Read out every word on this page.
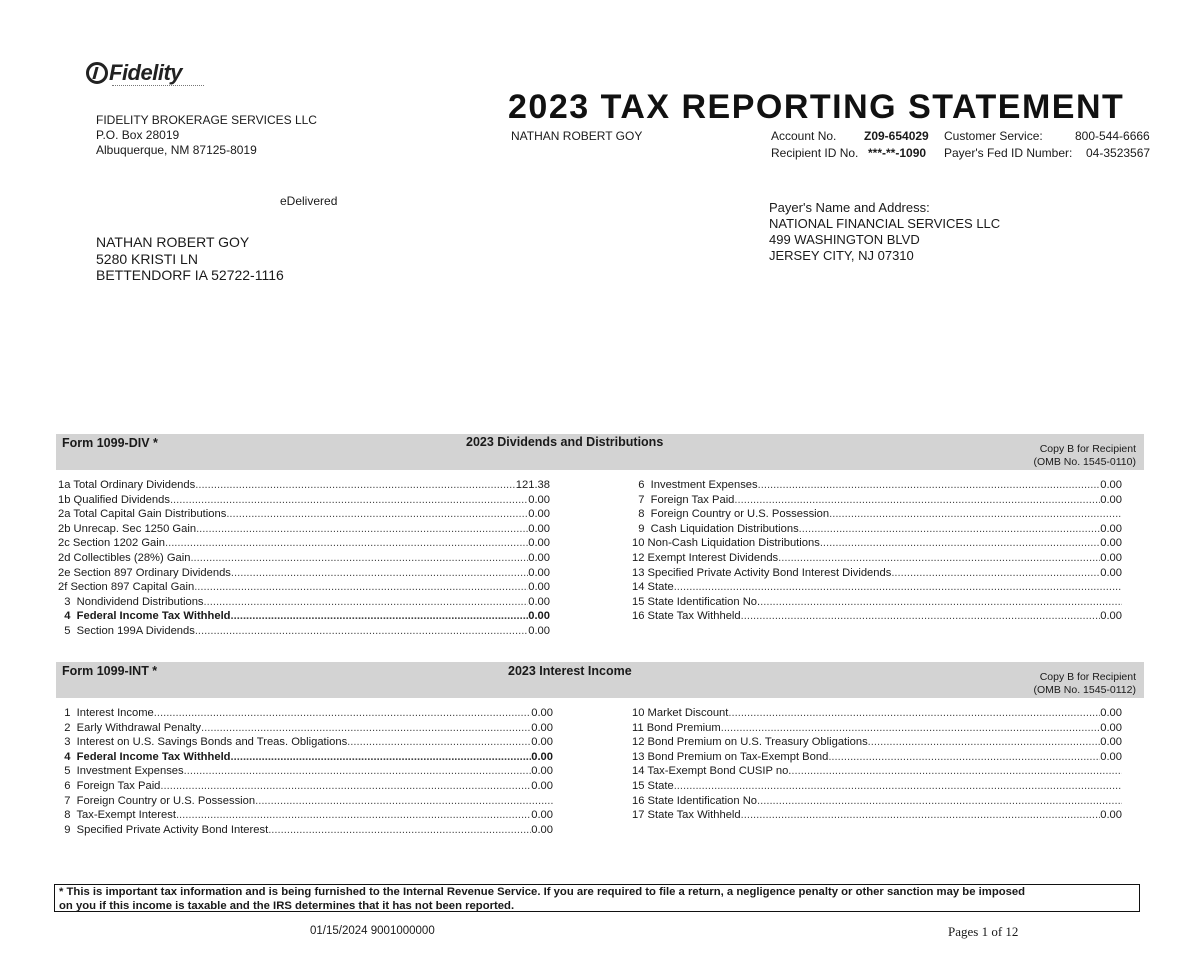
Fidelity
FIDELITY BROKERAGE SERVICES LLC
P.O. Box 28019
Albuquerque, NM 87125-8019
eDelivered
NATHAN ROBERT GOY
5280 KRISTI LN
BETTENDORF IA 52722-1116
2023 TAX REPORTING STATEMENT
NATHAN ROBERT GOY	Account No. Z09-654029 Customer Service:	800-544-6666
Recipient ID No. ***-**-1090 Payer's Fed ID Number: 04-3523567
Payer's Name and Address:
NATIONAL FINANCIAL SERVICES LLC
499 WASHINGTON BLVD
JERSEY CITY, NJ 07310
Form 1099-DIV *	2023 Dividends and Distributions	Copy B for Recipient
(OMB No. 1545-0110)
1a Total Ordinary Dividends .....	121.38
1b Qualified Dividends .....	0.00
2a Total Capital Gain Distributions .....	0.00
2b Unrecap. Sec 1250 Gain .....	0.00
2c Section 1202 Gain .....	0.00
2d Collectibles (28%) Gain .....	0.00
2e Section 897 Ordinary Dividends .....	0.00
2f Section 897 Capital Gain .....	0.00
3  Nondividend Distributions .....	0.00
4  Federal Income Tax Withheld .....	0.00
5  Section 199A Dividends .....	0.00
6  Investment Expenses .....	0.00
7  Foreign Tax Paid .....	0.00
8  Foreign Country or U.S. Possession
.....
9  Cash Liquidation Distributions .....	0.00
10 Non-Cash Liquidation Distributions .....	0.00
12 Exempt Interest Dividends .....	0.00
13 Specified Private Activity Bond Interest Dividends .....	0.00
14 State
.....
15 State Identification No.
.....
16 State Tax Withheld .....	0.00
Form 1099-INT *	2023 Interest Income	Copy B for Recipient
(OMB No. 1545-0112)
1  Interest Income .....	0.00
2  Early Withdrawal Penalty .....	0.00
3  Interest on U.S. Savings Bonds and Treas. Obligations .....	0.00
4  Federal Income Tax Withheld .....	0.00
5  Investment Expenses .....	0.00
6  Foreign Tax Paid .....	0.00
7  Foreign Country or U.S. Possession
.....
8  Tax-Exempt Interest .....	0.00
9  Specified Private Activity Bond Interest .....	0.00
10 Market Discount .....	0.00
11 Bond Premium .....	0.00
12 Bond Premium on U.S. Treasury Obligations .....	0.00
13 Bond Premium on Tax-Exempt Bond .....	0.00
14 Tax-Exempt Bond CUSIP no.
.....
15 State
.....
16 State Identification No
.....
17 State Tax Withheld .....	0.00
* This is important tax information and is being furnished to the Internal Revenue Service. If you are required to file a return, a negligence penalty or other sanction may be imposed
on you if this income is taxable and the IRS determines that it has not been reported.
01/15/2024 9001000000	Pages 1 of 12
